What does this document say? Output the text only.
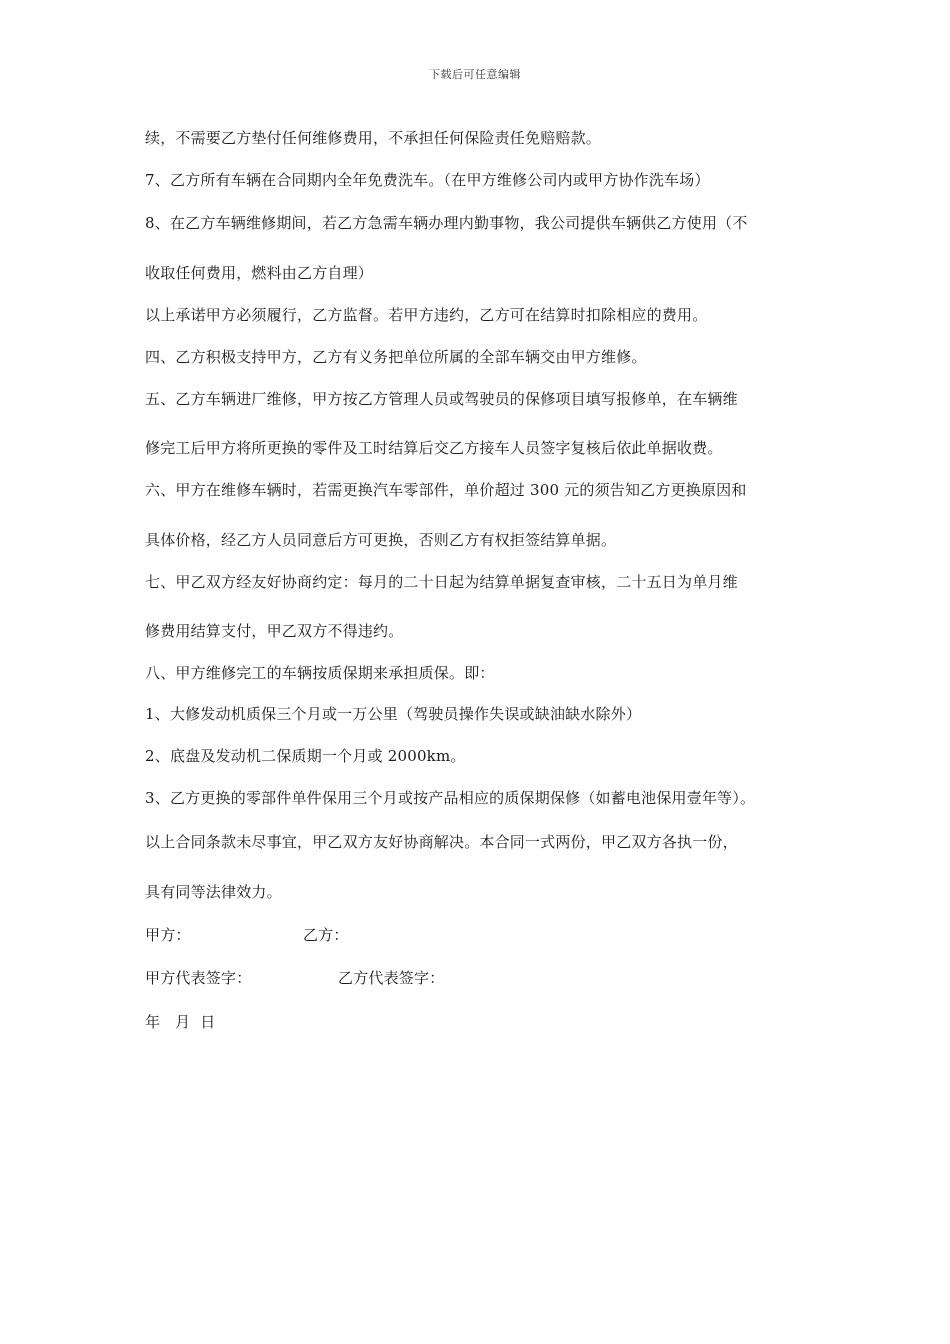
下载后可任意编辑
续，不需要乙方垫付任何维修费用，不承担任何保险责任免赔赔款。
7、乙方所有车辆在合同期内全年免费洗车。（在甲方维修公司内或甲方协作洗车场）
8、在乙方车辆维修期间，若乙方急需车辆办理内勤事物，我公司提供车辆供乙方使用（不
收取任何费用，燃料由乙方自理）
以上承诺甲方必须履行，乙方监督。若甲方违约，乙方可在结算时扣除相应的费用。
四、乙方积极支持甲方，乙方有义务把单位所属的全部车辆交由甲方维修。
五、乙方车辆进厂维修，甲方按乙方管理人员或驾驶员的保修项目填写报修单，在车辆维
修完工后甲方将所更换的零件及工时结算后交乙方接车人员签字复核后依此单据收费。
六、甲方在维修车辆时，若需更换汽车零部件，单价超过 300 元的须告知乙方更换原因和
具体价格，经乙方人员同意后方可更换，否则乙方有权拒签结算单据。
七、甲乙双方经友好协商约定：每月的二十日起为结算单据复查审核，二十五日为单月维
修费用结算支付，甲乙双方不得违约。
八、甲方维修完工的车辆按质保期来承担质保。即：
1、大修发动机质保三个月或一万公里（驾驶员操作失误或缺油缺水除外）
2、底盘及发动机二保质期一个月或 2000km。
3、乙方更换的零部件单件保用三个月或按产品相应的质保期保修（如蓄电池保用壹年等）。
以上合同条款未尽事宜，甲乙双方友好协商解决。本合同一式两份，甲乙双方各执一份，
具有同等法律效力。
甲方：	乙方：
甲方代表签字：	乙方代表签字：
年   月  日
